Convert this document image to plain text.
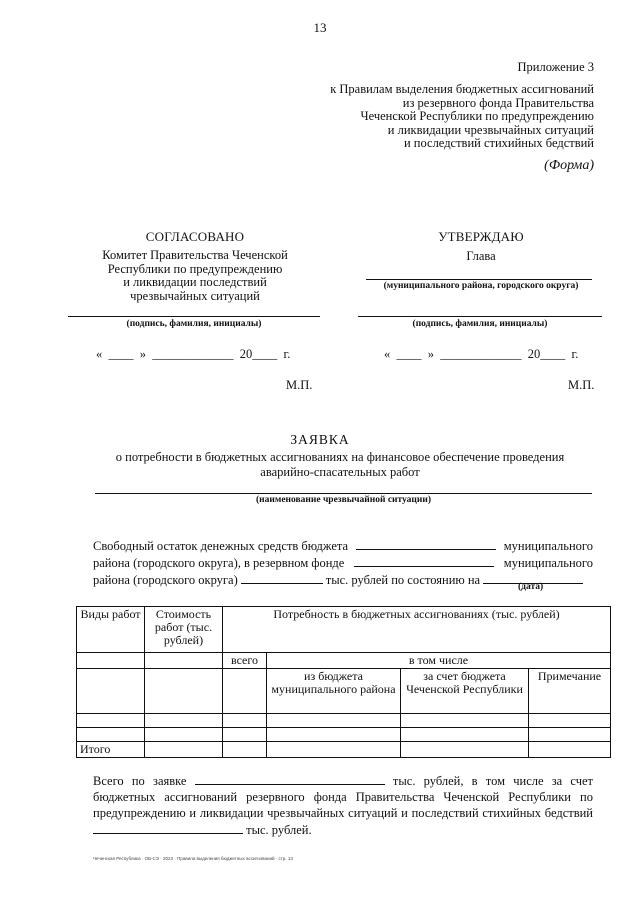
13
Приложение 3
к Правилам выделения бюджетных ассигнований
из резервного фонда Правительства
Чеченской Республики по предупреждению
и ликвидации чрезвычайных ситуаций
и последствий стихийных бедствий
(Форма)
СОГЛАСОВАНО
Комитет Правительства Чеченской
Республики по предупреждению
и ликвидации последствий
чрезвычайных ситуаций
(подпись, фамилия, инициалы)
«  ____  »  _____________  20____  г.
М.П.
УТВЕРЖДАЮ
Глава
(муниципального района, городского округа)
(подпись, фамилия, инициалы)
«  ____  »  _____________  20____  г.
М.П.
ЗАЯВКА
о потребности в бюджетных ассигнованиях на финансовое обеспечение проведения
аварийно-спасательных работ
(наименование чрезвычайной ситуации)
Свободный остаток денежных средств бюджета	муниципального
района (городского округа), в резервном фонде	муниципального
района (городского округа)	тыс. рублей по состоянию на	(дата)
Виды работ	Стоимость работ (тыс. рублей)	Потребность в бюджетных ассигнованиях (тыс. рублей)			
		всего	в том числе		
			из бюджета муниципального района	за счет бюджета Чеченской Республики	Примечание

Итого					
Всего по заявке	тыс. рублей, в том числе за счет бюджетных ассигнований резервного фонда Правительства Чеченской Республики по предупреждению и ликвидации чрезвычайных ситуаций и последствий стихийных бедствий  тыс. рублей.
Чеченская Республика · ОБ-СЭ · 2023 · Правила выделения бюджетных ассигнований · стр. 13
